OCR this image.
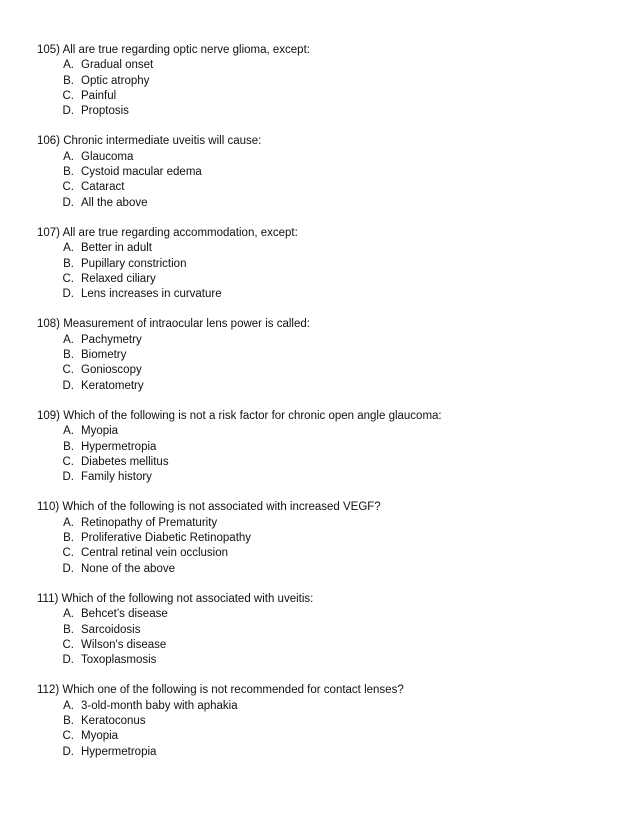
105) All are true regarding optic nerve glioma, except:

A. Gradual onset
B. Optic atrophy
C. Painful
D. Proptosis

106) Chronic intermediate uveitis will cause:

A. Glaucoma
B. Cystoid macular edema
C. Cataract
D. All the above

107) All are true regarding accommodation, except:

A. Better in adult
B. Pupillary constriction
C. Relaxed ciliary
D. Lens increases in curvature

108) Measurement of intraocular lens power is called:

A. Pachymetry
B. Biometry
C. Gonioscopy
D. Keratometry

109) Which of the following is not a risk factor for chronic open angle glaucoma:

A. Myopia
B. Hypermetropia
C. Diabetes mellitus
D. Family history

110) Which of the following is not associated with increased VEGF?

A. Retinopathy of Prematurity
B. Proliferative Diabetic Retinopathy
C. Central retinal vein occlusion
D. None of the above

111) Which of the following not associated with uveitis:

A. Behcet’s disease
B. Sarcoidosis
C. Wilson's disease
D. Toxoplasmosis

112) Which one of the following is not recommended for contact lenses?

A. 3-old-month baby with aphakia
B. Keratoconus
C. Myopia
D. Hypermetropia
